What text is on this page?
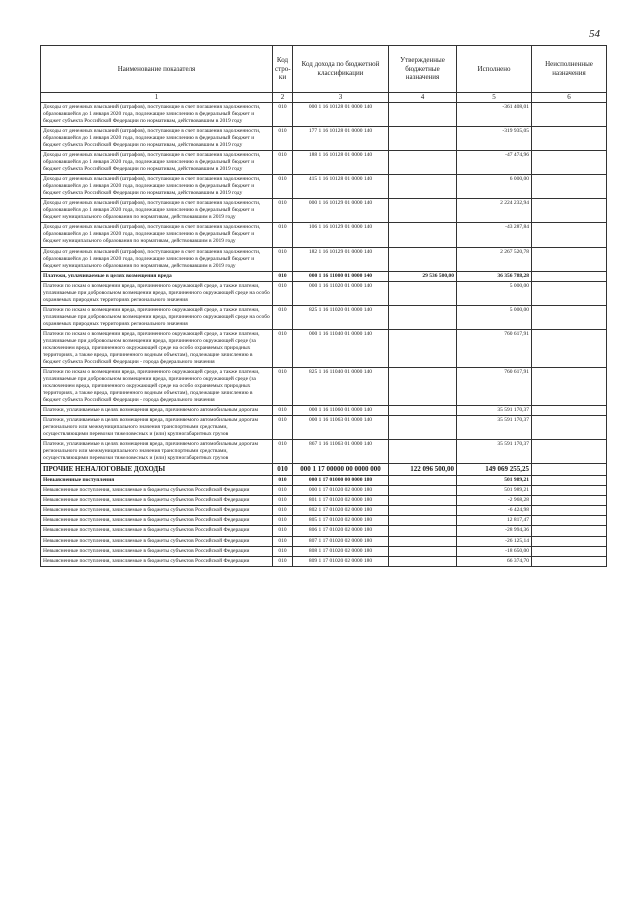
54
Наименование показателя	Код стро-ки	Код дохода по бюджетной классификации	Утвержденные бюджетные назначения	Исполнено	Неисполненные назначения
1	2	3	4	5	6
Доходы от денежных взысканий (штрафов), поступающие в счет погашения задолженности, образовавшейся до 1 января 2020 года, подлежащие зачислению в федеральный бюджет и бюджет субъекта Российской Федерации по нормативам, действовавшим в 2019 году	010	000 1 16 10128 01 0000 140		-361 408,01	
Доходы от денежных взысканий (штрафов), поступающие в счет погашения задолженности, образовавшейся до 1 января 2020 года, подлежащие зачислению в федеральный бюджет и бюджет субъекта Российской Федерации по нормативам, действовавшим в 2019 году	010	177 1 16 10128 01 0000 140		-319 935,05	
Доходы от денежных взысканий (штрафов), поступающие в счет погашения задолженности, образовавшейся до 1 января 2020 года, подлежащие зачислению в федеральный бюджет и бюджет субъекта Российской Федерации по нормативам, действовавшим в 2019 году	010	188 1 16 10128 01 0000 140		-47 474,96	
Доходы от денежных взысканий (штрафов), поступающие в счет погашения задолженности, образовавшейся до 1 января 2020 года, подлежащие зачислению в федеральный бюджет и бюджет субъекта Российской Федерации по нормативам, действовавшим в 2019 году	010	415 1 16 10128 01 0000 140		6 000,00	
Доходы от денежных взысканий (штрафов), поступающие в счет погашения задолженности, образовавшейся до 1 января 2020 года, подлежащие зачислению в федеральный бюджет и бюджет муниципального образования по нормативам, действовавшим в 2019 году	010	000 1 16 10129 01 0000 140		2 224 232,94	
Доходы от денежных взысканий (штрафов), поступающие в счет погашения задолженности, образовавшейся до 1 января 2020 года, подлежащие зачислению в федеральный бюджет и бюджет муниципального образования по нормативам, действовавшим в 2019 году	010	106 1 16 10129 01 0000 140		-43 287,84	
Доходы от денежных взысканий (штрафов), поступающие в счет погашения задолженности, образовавшейся до 1 января 2020 года, подлежащие зачислению в федеральный бюджет и бюджет муниципального образования по нормативам, действовавшим в 2019 году	010	182 1 16 10129 01 0000 140		2 267 520,78	
Платежи, уплачиваемые в целях возмещения вреда	010	000 1 16 11000 01 0000 140	29 536 500,00	36 356 788,28	
Платежи по искам о возмещении вреда, причиненного окружающей среде, а также платежи, уплачиваемые при добровольном возмещении вреда, причиненного окружающей среде на особо охраняемых природных территориях регионального значения	010	000 1 16 11020 01 0000 140		5 000,00	
Платежи по искам о возмещении вреда, причиненного окружающей среде, а также платежи, уплачиваемые при добровольном возмещении вреда, причиненного окружающей среде на особо охраняемых природных территориях регионального значения	010	825 1 16 11020 01 0000 140		5 000,00	
Платежи по искам о возмещении вреда, причиненного окружающей среде, а также платежи, уплачиваемые при добровольном возмещении вреда, причиненного окружающей среде (за исключением вреда, причиненного окружающей среде на особо охраняемых природных территориях, а также вреда, причиненного водным объектам), подлежащие зачислению в бюджет субъекта Российской Федерации - города федерального значения	010	000 1 16 11040 01 0000 140		760 617,91	
Платежи по искам о возмещении вреда, причиненного окружающей среде, а также платежи, уплачиваемые при добровольном возмещении вреда, причиненного окружающей среде (за исключением вреда, причиненного окружающей среде на особо охраняемых природных территориях, а также вреда, причиненного водным объектам), подлежащие зачислению в бюджет субъекта Российской Федерации - города федерального значения	010	825 1 16 11040 01 0000 140		760 617,91	
Платежи, уплачиваемые в целях возмещения вреда, причиняемого автомобильным дорогам	010	000 1 16 11060 01 0000 140		35 591 170,37	
Платежи, уплачиваемые в целях возмещения вреда, причиняемого автомобильным дорогам регионального или межмуниципального значения транспортными средствами, осуществляющими перевозки тяжеловесных и (или) крупногабаритных грузов	010	000 1 16 11063 01 0000 140		35 591 170,37	
Платежи, уплачиваемые в целях возмещения вреда, причиняемого автомобильным дорогам регионального или межмуниципального значения транспортными средствами, осуществляющими перевозки тяжеловесных и (или) крупногабаритных грузов	010	867 1 16 11063 01 0000 140		35 591 170,37	
ПРОЧИЕ НЕНАЛОГОВЫЕ ДОХОДЫ	010	000 1 17 00000 00 0000 000	122 096 500,00	149 069 255,25	
Невыясненные поступления	010	000 1 17 01000 00 0000 180		501 989,21	
Невыясненные поступления, зачисляемые в бюджеты субъектов Российской Федерации	010	000 1 17 01020 02 0000 180		501 989,21	
Невыясненные поступления, зачисляемые в бюджеты субъектов Российской Федерации	010	801 1 17 01020 02 0000 180		-2 968,28	
Невыясненные поступления, зачисляемые в бюджеты субъектов Российской Федерации	010	802 1 17 01020 02 0000 180		-6 424,98	
Невыясненные поступления, зачисляемые в бюджеты субъектов Российской Федерации	010	805 1 17 01020 02 0000 180		12 817,47	
Невыясненные поступления, зачисляемые в бюджеты субъектов Российской Федерации	010	806 1 17 01020 02 0000 180		-28 994,36	
Невыясненные поступления, зачисляемые в бюджеты субъектов Российской Федерации	010	807 1 17 01020 02 0000 180		-26 125,14	
Невыясненные поступления, зачисляемые в бюджеты субъектов Российской Федерации	010	808 1 17 01020 02 0000 180		-18 650,00	
Невыясненные поступления, зачисляемые в бюджеты субъектов Российской Федерации	010	809 1 17 01020 02 0000 180		66 374,70	
